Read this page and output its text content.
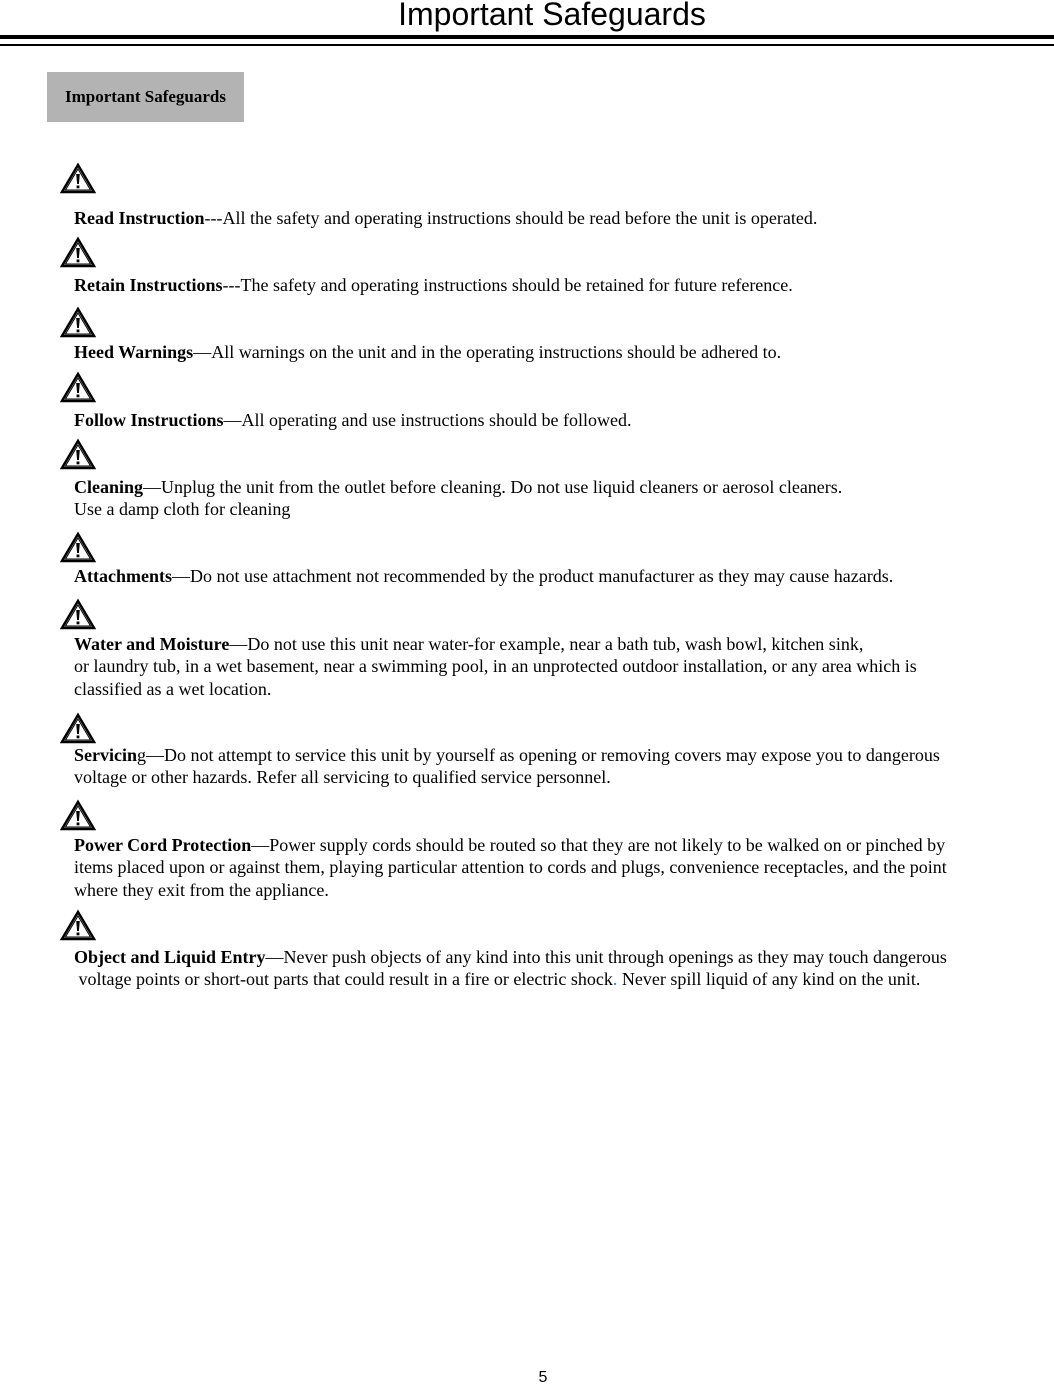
Important Safeguards
Important Safeguards
Read Instruction---All the safety and operating instructions should be read before the unit is operated.
Retain Instructions---The safety and operating instructions should be retained for future reference.
Heed Warnings—All warnings on the unit and in the operating instructions should be adhered to.
Follow Instructions—All operating and use instructions should be followed.
Cleaning—Unplug the unit from the outlet before cleaning. Do not use liquid cleaners or aerosol cleaners.
Use a damp cloth for cleaning
Attachments—Do not use attachment not recommended by the product manufacturer as they may cause hazards.
Water and Moisture—Do not use this unit near water-for example, near a bath tub, wash bowl, kitchen sink,
or laundry tub, in a wet basement, near a swimming pool, in an unprotected outdoor installation, or any area which is
classified as a wet location.
Servicing—Do not attempt to service this unit by yourself as opening or removing covers may expose you to dangerous
voltage or other hazards. Refer all servicing to qualified service personnel.
Power Cord Protection—Power supply cords should be routed so that they are not likely to be walked on or pinched by
items placed upon or against them, playing particular attention to cords and plugs, convenience receptacles, and the point
where they exit from the appliance.
Object and Liquid Entry—Never push objects of any kind into this unit through openings as they may touch dangerous
voltage points or short-out parts that could result in a fire or electric shock. Never spill liquid of any kind on the unit.
5
